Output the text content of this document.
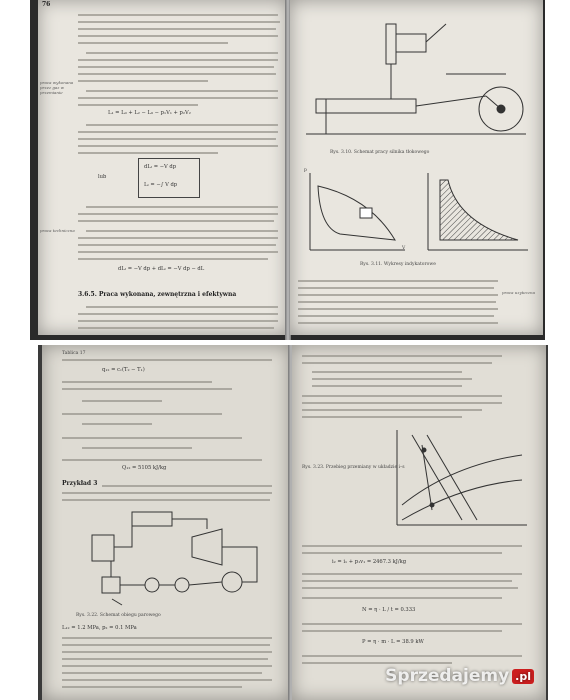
76
praca wykonana przez gaz w przemianie
L₁ = L₀ + L₂ − L₀ − p₁V₁ + p₂V₂
dLₜ = −V dp
lub
Lₜ = −∫ V dp
praca techniczna
dLₜ = −V dp + dLₜ = −V dp − dL
3.6.5. Praca wykonana, zewnętrzna i efektywna
Rys. 3.10. Schemat pracy silnika tłokowego
p
V
Rys. 3.11. Wykresy indykatorowe
praca uzyteczna
Tablica 17
q₁₂ = cᵥ(T₂ − T₁)
Q₁₂ = 5105 kJ/kg
Przykład 3
Rys. 3.22. Schemat obiegu parowego
L₁₂ = 1.2 MPa, p₂ = 0.1 MPa
Rys. 3.23. Przebieg przemiany w układzie i–s
i₂ = i₁ + p₁v₁ = 2467.3 kJ/kg
N = η · L / t = 0.333
P = η · m · L = 38.9 kW
Sprzedajemy .pl
